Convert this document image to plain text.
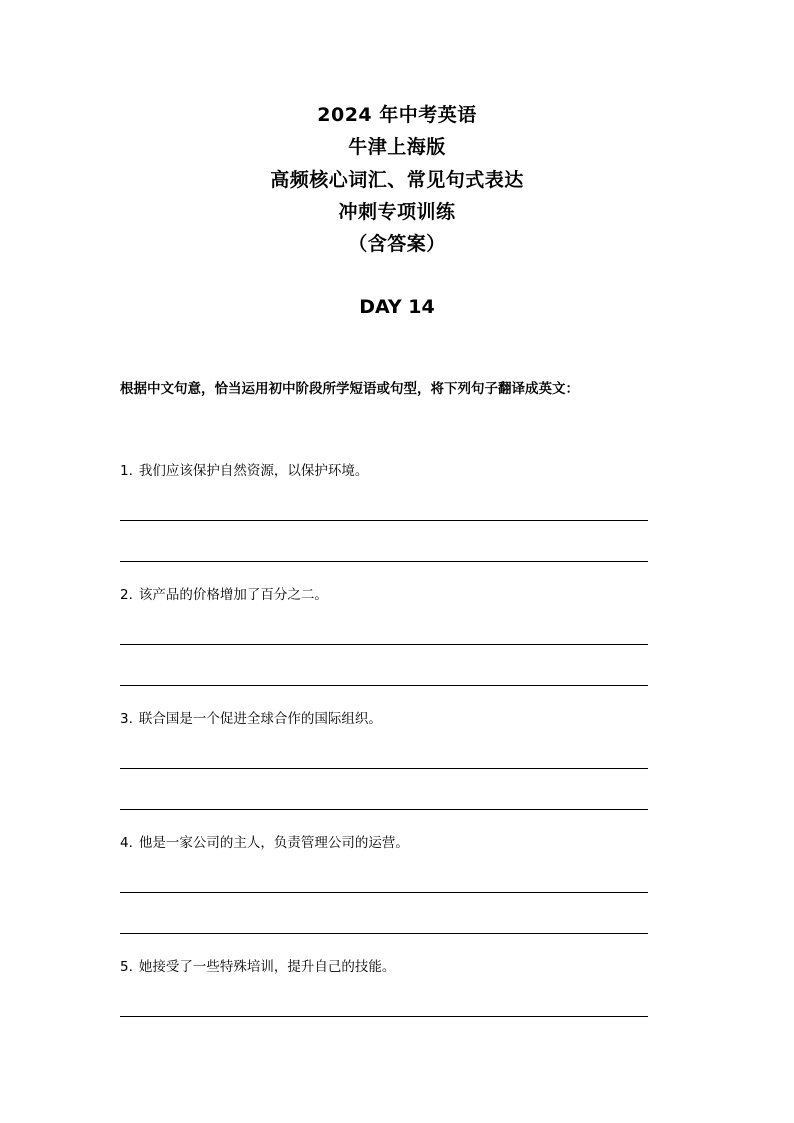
2024 年中考英语
牛津上海版
高频核心词汇、常见句式表达
冲刺专项训练
（含答案）
DAY 14
根据中文句意，恰当运用初中阶段所学短语或句型，将下列句子翻译成英文：
1. 我们应该保护自然资源，以保护环境。
2. 该产品的价格增加了百分之二。
3. 联合国是一个促进全球合作的国际组织。
4. 他是一家公司的主人，负责管理公司的运营。
5. 她接受了一些特殊培训，提升自己的技能。
